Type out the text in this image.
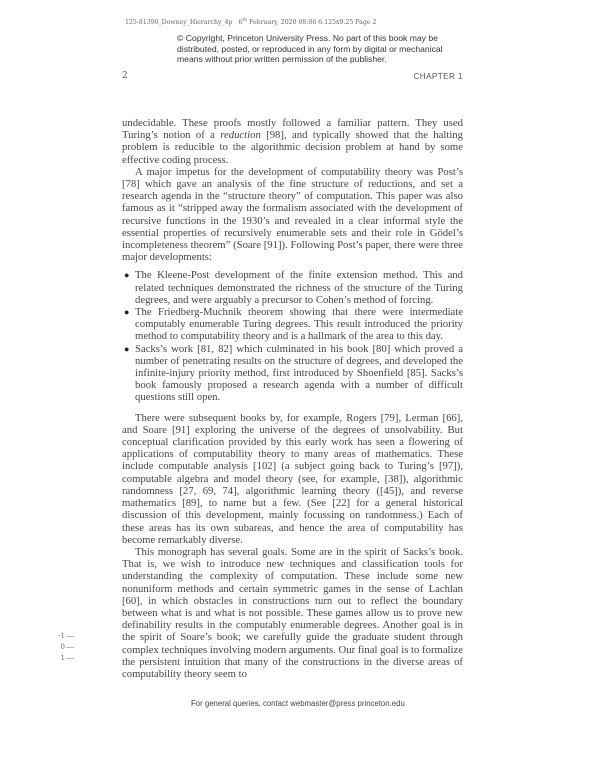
125-81390_Downey_Hierarchy_4p 6th February, 2020 08:06 6.125x9.25 Page 2
© Copyright, Princeton University Press. No part of this book may be
distributed, posted, or reproduced in any form by digital or mechanical
means without prior written permission of the publisher.
2	CHAPTER 1

undecidable. These proofs mostly followed a familiar pattern. They used Turing’s notion of a reduction [98], and typically showed that the halting problem is reducible to the algorithmic decision problem at hand by some effective coding process.

A major impetus for the development of computability theory was Post’s [78] which gave an analysis of the fine structure of reductions, and set a research agenda in the “structure theory” of computation. This paper was also famous as it “stripped away the formalism associated with the development of recursive functions in the 1930’s and revealed in a clear informal style the essential properties of recursively enumerable sets and their role in Gödel’s incompleteness theorem” (Soare [91]). Following Post’s paper, there were three major developments:

● The Kleene-Post development of the finite extension method. This and related techniques demonstrated the richness of the structure of the Turing degrees, and were arguably a precursor to Cohen’s method of forcing.
● The Friedberg-Muchnik theorem showing that there were intermediate computably enumerable Turing degrees. This result introduced the priority method to computability theory and is a hallmark of the area to this day.
● Sacks’s work [81, 82] which culminated in his book [80] which proved a number of penetrating results on the structure of degrees, and developed the infinite-injury priority method, first introduced by Shoenfield [85]. Sacks’s book famously proposed a research agenda with a number of difficult questions still open.

There were subsequent books by, for example, Rogers [79], Lerman [66], and Soare [91] exploring the universe of the degrees of unsolvability. But conceptual clarification provided by this early work has seen a flowering of applications of computability theory to many areas of mathematics. These include computable analysis [102] (a subject going back to Turing’s [97]), computable algebra and model theory (see, for example, [38]), algorithmic randomness [27, 69, 74], algorithmic learning theory ([45]), and reverse mathematics [89], to name but a few. (See [22] for a general historical discussion of this development, mainly focussing on randomness.) Each of these areas has its own subareas, and hence the area of computability has become remarkably diverse.

This monograph has several goals. Some are in the spirit of Sacks’s book. That is, we wish to introduce new techniques and classification tools for understanding the complexity of computation. These include some new nonuniform methods and certain symmetric games in the sense of Lachlan [60], in which obstacles in constructions turn out to reflect the boundary between what is and what is not possible. These games allow us to prove new definability results in the computably enumerable degrees. Another goal is in the spirit of Soare’s book; we carefully guide the graduate student through complex techniques involving modern arguments. Our final goal is to formalize the persistent intuition that many of the constructions in the diverse areas of computability theory seem to

-1
0
1
For general queries, contact webmaster@press princeton.edu
